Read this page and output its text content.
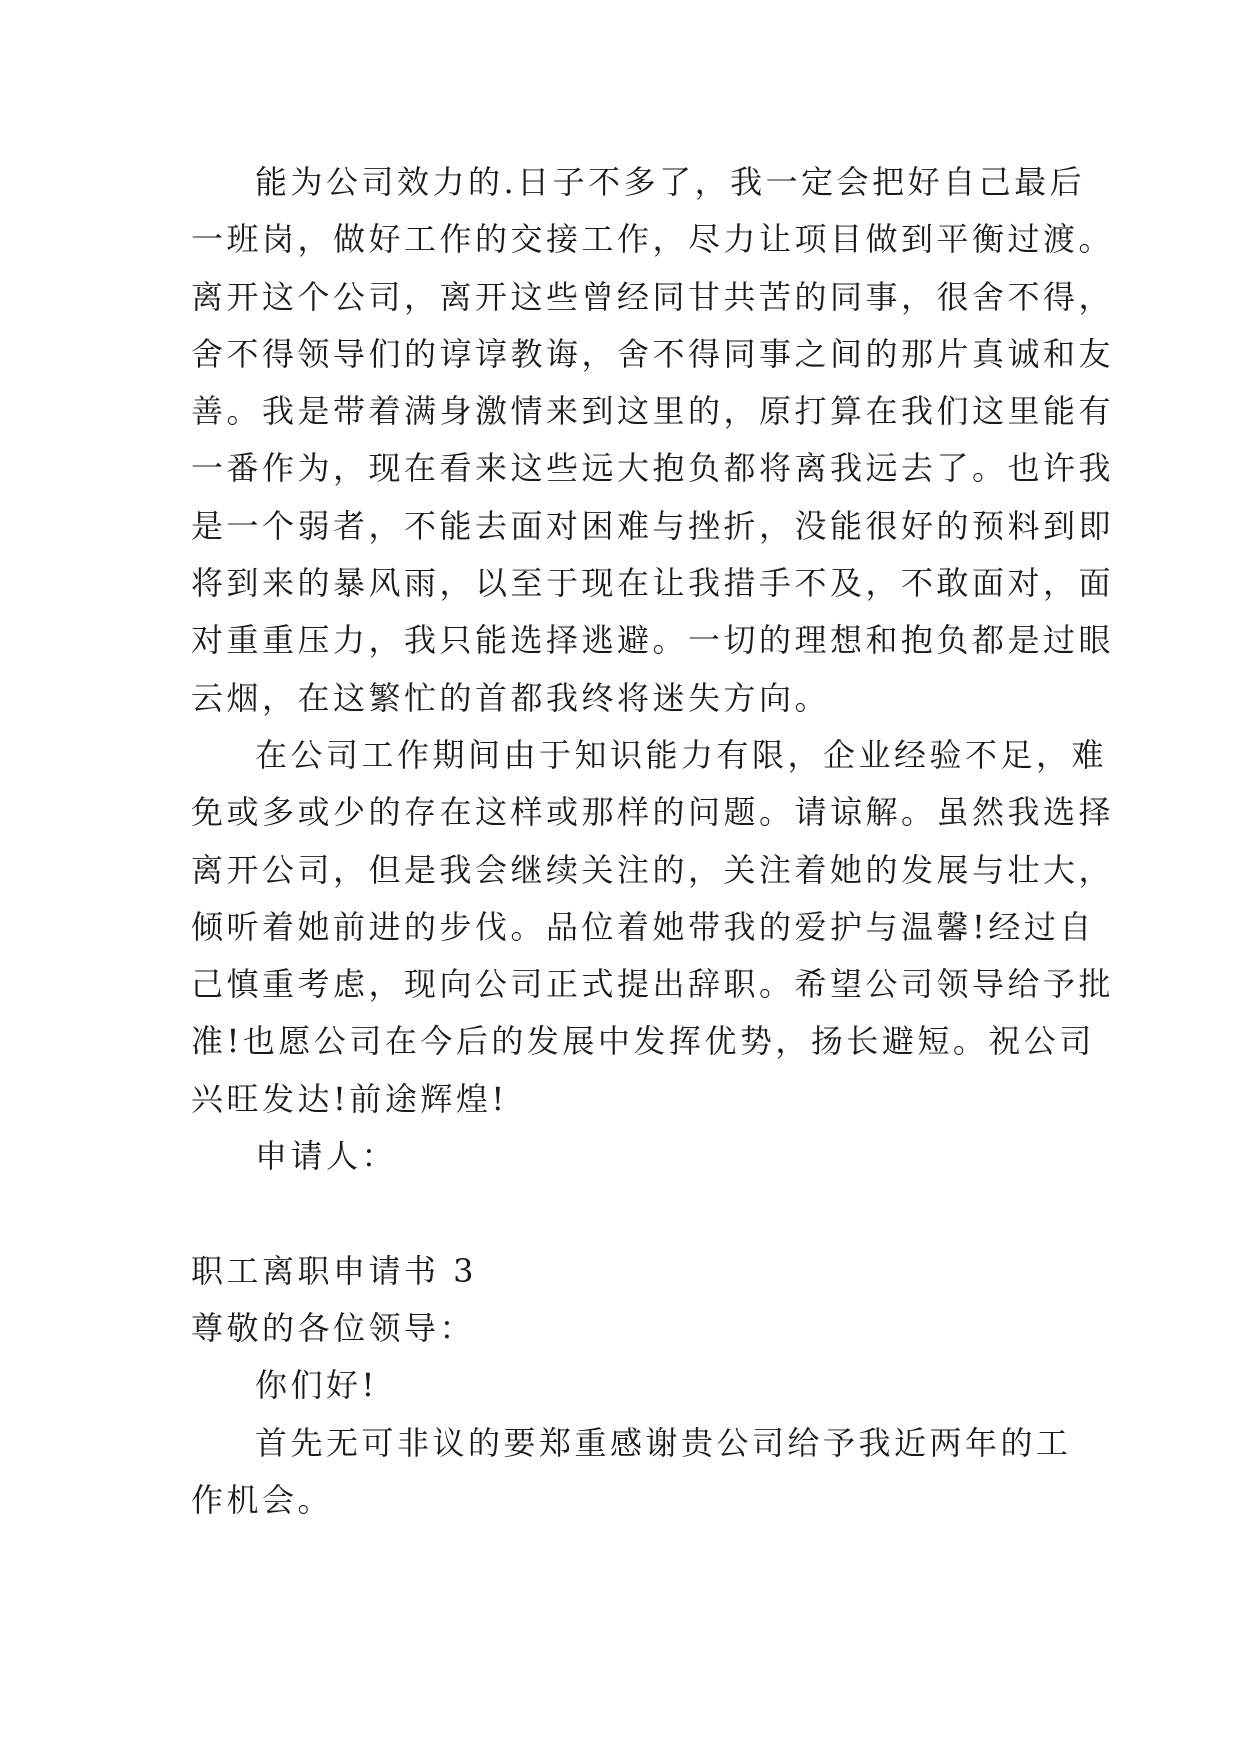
能为公司效力的.日子不多了，我一定会把好自己最后
一班岗，做好工作的交接工作，尽力让项目做到平衡过渡。
离开这个公司，离开这些曾经同甘共苦的同事，很舍不得，
舍不得领导们的谆谆教诲，舍不得同事之间的那片真诚和友
善。我是带着满身激情来到这里的，原打算在我们这里能有
一番作为，现在看来这些远大抱负都将离我远去了。也许我
是一个弱者，不能去面对困难与挫折，没能很好的预料到即
将到来的暴风雨，以至于现在让我措手不及，不敢面对，面
对重重压力，我只能选择逃避。一切的理想和抱负都是过眼
云烟，在这繁忙的首都我终将迷失方向。
在公司工作期间由于知识能力有限，企业经验不足，难
免或多或少的存在这样或那样的问题。请谅解。虽然我选择
离开公司，但是我会继续关注的，关注着她的发展与壮大，
倾听着她前进的步伐。品位着她带我的爱护与温馨!经过自
己慎重考虑，现向公司正式提出辞职。希望公司领导给予批
准!也愿公司在今后的发展中发挥优势，扬长避短。祝公司
兴旺发达!前途辉煌!
申请人：
职工离职申请书 3
尊敬的各位领导：
你们好!
首先无可非议的要郑重感谢贵公司给予我近两年的工
作机会。
